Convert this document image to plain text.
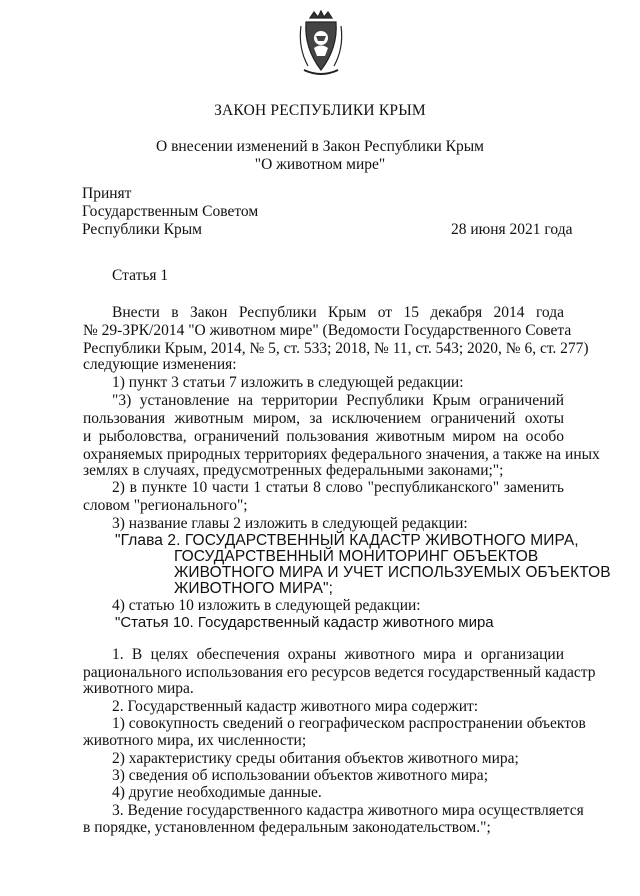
ЗАКОН РЕСПУБЛИКИ КРЫМ
О внесении изменений в Закон Республики Крым
"О животном мире"
Принят
Государственным Советом
Республики Крым	28 июня 2021 года
Статья 1
Внести в Закон Республики Крым от 15 декабря 2014 года
№ 29-ЗРК/2014 "О животном мире" (Ведомости Государственного Совета
Республики Крым, 2014, № 5, ст. 533; 2018, № 11, ст. 543; 2020, № 6, ст. 277)
следующие изменения:
1) пункт 3 статьи 7 изложить в следующей редакции:
"3) установление на территории Республики Крым ограничений
пользования животным миром, за исключением ограничений охоты
и рыболовства, ограничений пользования животным миром на особо
охраняемых природных территориях федерального значения, а также на иных
землях в случаях, предусмотренных федеральными законами;";
2) в пункте 10 части 1 статьи 8 слово "республиканского" заменить
словом "регионального";
3) название главы 2 изложить в следующей редакции:
"Глава 2. ГОСУДАРСТВЕННЫЙ КАДАСТР ЖИВОТНОГО МИРА,
ГОСУДАРСТВЕННЫЙ МОНИТОРИНГ ОБЪЕКТОВ
ЖИВОТНОГО МИРА И УЧЕТ ИСПОЛЬЗУЕМЫХ ОБЪЕКТОВ
ЖИВОТНОГО МИРА";
4) статью 10 изложить в следующей редакции:
"Статья 10. Государственный кадастр животного мира
1. В целях обеспечения охраны животного мира и организации
рационального использования его ресурсов ведется государственный кадастр
животного мира.
2. Государственный кадастр животного мира содержит:
1) совокупность сведений о географическом распространении объектов
животного мира, их численности;
2) характеристику среды обитания объектов животного мира;
3) сведения об использовании объектов животного мира;
4) другие необходимые данные.
3. Ведение государственного кадастра животного мира осуществляется
в порядке, установленном федеральным законодательством.";
